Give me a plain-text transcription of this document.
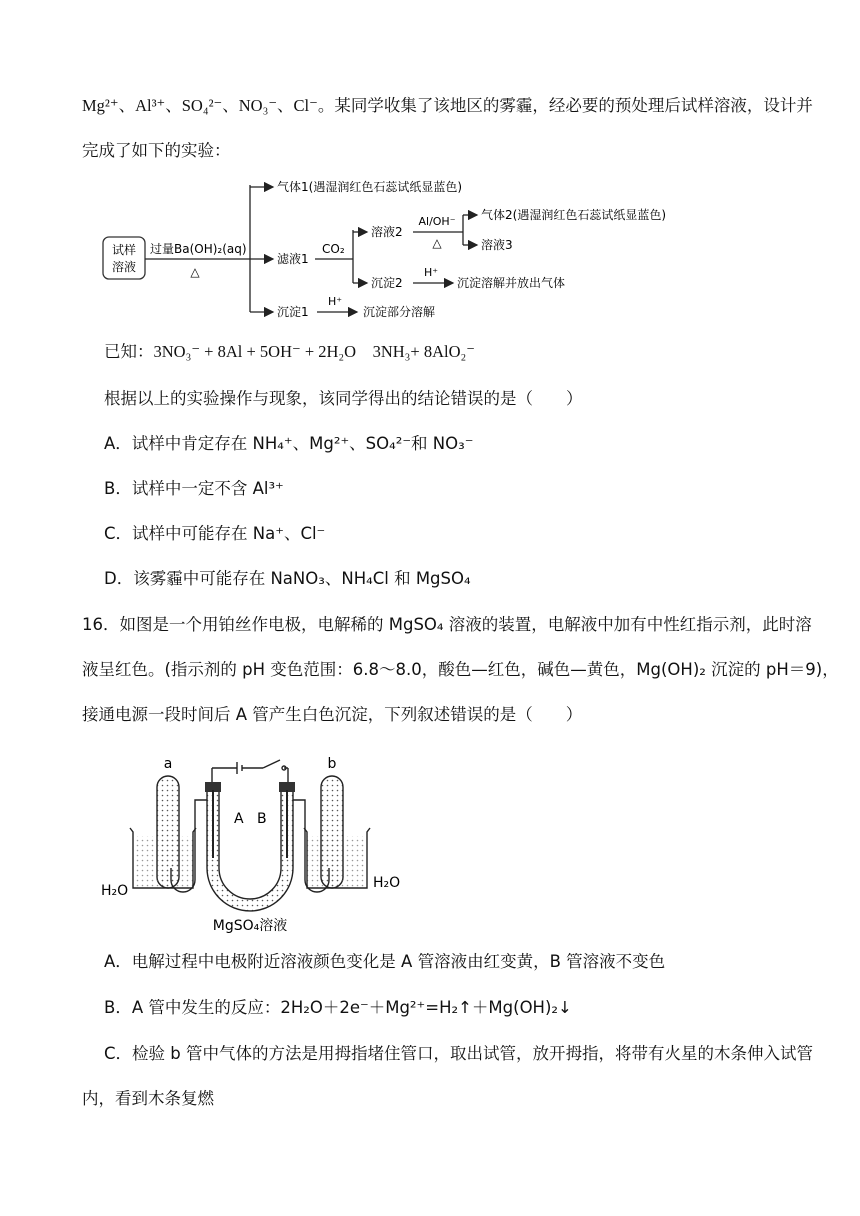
Mg²⁺、Al³⁺、SO₄²⁻、NO₃⁻、Cl⁻。某同学收集了该地区的雾霾，经必要的预处理后试样溶液，设计并
完成了如下的实验：
试样
溶液
过量Ba(OH)₂(aq)
△
气体1(遇湿润红色石蕊试纸显蓝色)
滤液1
沉淀1
H⁺
沉淀部分溶解
CO₂
溶液2
沉淀2
Al/OH⁻
△
气体2(遇湿润红色石蕊试纸显蓝色)
溶液3
H⁺
沉淀溶解并放出气体
已知：3NO₃⁻ + 8Al + 5OH⁻ + 2H₂O　3NH₃+ 8AlO₂⁻
根据以上的实验操作与现象，该同学得出的结论错误的是（　　）
A．试样中肯定存在 NH₄⁺、Mg²⁺、SO₄²⁻和 NO₃⁻
B．试样中一定不含 Al³⁺
C．试样中可能存在 Na⁺、Cl⁻
D．该雾霾中可能存在 NaNO₃、NH₄Cl 和 MgSO₄
16．如图是一个用铂丝作电极，电解稀的 MgSO₄ 溶液的装置，电解液中加有中性红指示剂，此时溶
液呈红色。(指示剂的 pH 变色范围：6.8～8.0，酸色—红色，碱色—黄色，Mg(OH)₂ 沉淀的 pH＝9)，
接通电源一段时间后 A 管产生白色沉淀，下列叙述错误的是（　　）
a	b
A B
H₂O	H₂O
MgSO₄溶液
A．电解过程中电极附近溶液颜色变化是 A 管溶液由红变黄，B 管溶液不变色
B．A 管中发生的反应：2H₂O＋2e⁻＋Mg²⁺=H₂↑＋Mg(OH)₂↓
C．检验 b 管中气体的方法是用拇指堵住管口，取出试管，放开拇指，将带有火星的木条伸入试管
内，看到木条复燃
